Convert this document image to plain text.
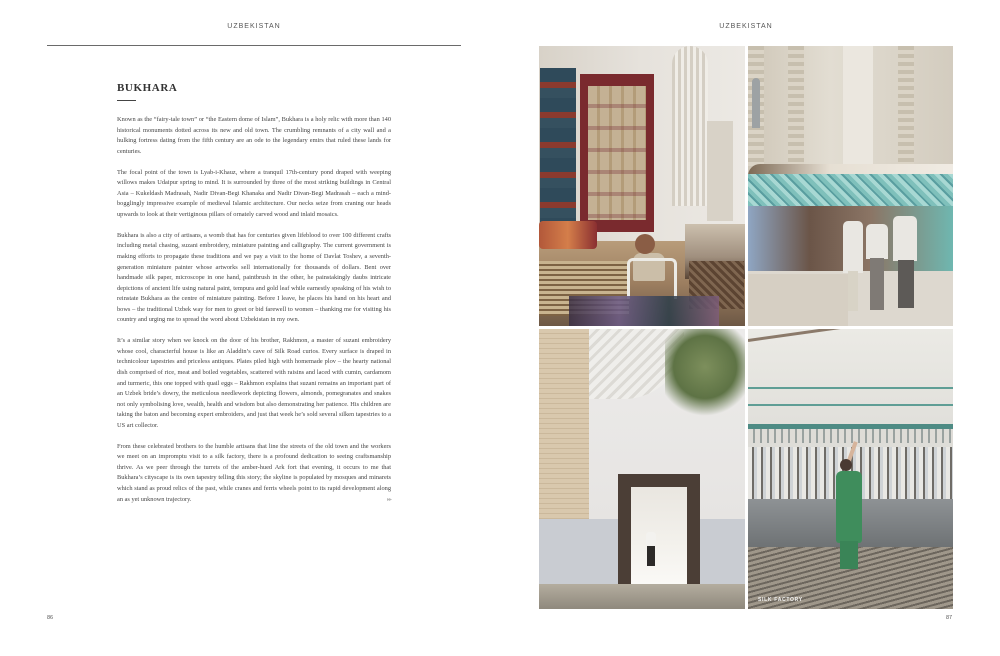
UZBEKISTAN
BUKHARA

Known as the “fairy-tale town” or “the Eastern dome of Islam”, Bukhara is a holy relic with more than 140 historical monuments dotted across its new and old town. The crumbling remnants of a city wall and a hulking fortress dating from the fifth century are an ode to the legendary emirs that ruled these lands for centuries.

The focal point of the town is Lyab-i-Khauz, where a tranquil 17th-century pond draped with weeping willows makes Udaipur spring to mind. It is surrounded by three of the most striking buildings in Central Asia – Kukeldash Madrasah, Nadir Divan-Begi Khanaka and Nadir Divan-Begi Madrasah – each a mind-bogglingly impressive example of medieval Islamic architecture. Our necks seize from craning our heads upwards to look at their vertiginous pillars of ornately carved wood and inlaid mosaics.

Bukhara is also a city of artisans, a womb that has for centuries given lifeblood to over 100 different crafts including metal chasing, suzani embroidery, miniature painting and calligraphy. The current government is making efforts to propagate these traditions and we pay a visit to the home of Davlat Toshev, a seventh-generation miniature painter whose artworks sell internationally for thousands of dollars. Bent over handmade silk paper, microscope in one hand, paintbrush in the other, he painstakingly daubs intricate depictions of ancient life using natural paint, tempura and gold leaf while earnestly speaking of his wish to reinstate Bukhara as the centre of miniature painting. Before I leave, he places his hand on his heart and bows – the traditional Uzbek way for men to greet or bid farewell to women – thanking me for visiting his country and urging me to spread the word about Uzbekistan in my own.

It’s a similar story when we knock on the door of his brother, Rakhmon, a master of suzani embroidery whose cool, characterful house is like an Aladdin’s cave of Silk Road curios. Every surface is draped in technicolour tapestries and priceless antiques. Plates piled high with homemade plov – the hearty national dish comprised of rice, meat and boiled vegetables, scattered with raisins and laced with cumin, cardamom and turmeric, this one topped with quail eggs – Rakhmon explains that suzani remains an important part of an Uzbek bride’s dowry, the meticulous needlework depicting flowers, almonds, pomegranates and snakes not only symbolising love, wealth, health and wisdom but also demonstrating her patience. His children are taking the baton and becoming expert embroiders, and just that week he’s sold several silken tapestries to a US art collector.

From these celebrated brothers to the humble artisans that line the streets of the old town and the workers we meet on an impromptu visit to a silk factory, there is a profound dedication to seeing craftsmanship thrive. As we peer through the turrets of the amber-hued Ark fort that evening, it occurs to me that Bukhara’s cityscape is its own tapestry telling this story; the skyline is populated by mosques and minarets which stand as proud relics of the past, while cranes and ferris wheels point to its rapid development along an as yet unknown trajectory.	▸▸

86
UZBEKISTAN
SILK FACTORY
87
